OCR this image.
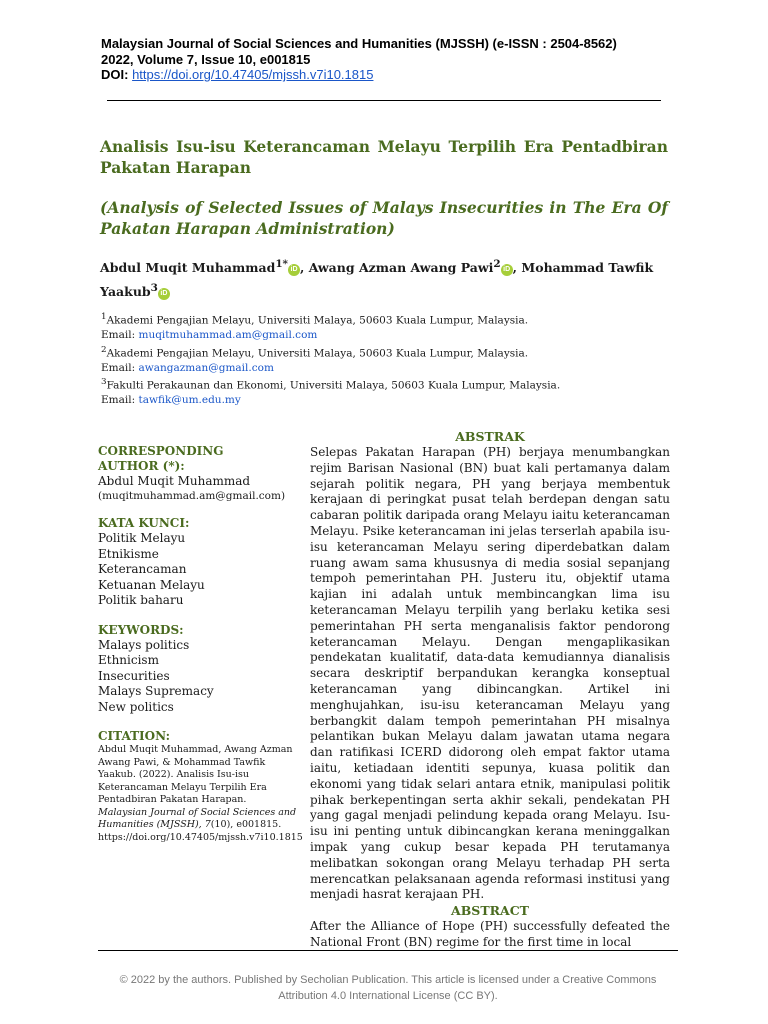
Malaysian Journal of Social Sciences and Humanities (MJSSH) (e-ISSN : 2504-8562)
2022, Volume 7, Issue 10, e001815
DOI: https://doi.org/10.47405/mjssh.v7i10.1815
Analisis Isu-isu Keterancaman Melayu Terpilih Era Pentadbiran Pakatan Harapan
(Analysis of Selected Issues of Malays Insecurities in The Era Of Pakatan Harapan Administration)
Abdul Muqit Muhammad$^{1*}$ iD , Awang Azman Awang Pawi$^2$ iD , Mohammad Tawfik Yaakub$^3$ iD
$^1$Akademi Pengajian Melayu, Universiti Malaya, 50603 Kuala Lumpur, Malaysia.
Email: muqitmuhammad.am@gmail.com
$^2$Akademi Pengajian Melayu, Universiti Malaya, 50603 Kuala Lumpur, Malaysia.
Email: awangazman@gmail.com
$^3$Fakulti Perakaunan dan Ekonomi, Universiti Malaya, 50603 Kuala Lumpur, Malaysia.
Email: tawfik@um.edu.my
CORRESPONDING AUTHOR (*):
Abdul Muqit Muhammad
(muqitmuhammad.am@gmail.com)
KATA KUNCI:
Politik Melayu
Etnikisme
Keterancaman
Ketuanan Melayu
Politik baharu
KEYWORDS:
Malays politics
Ethnicism
Insecurities
Malays Supremacy
New politics
CITATION:
Abdul Muqit Muhammad, Awang Azman Awang Pawi, & Mohammad Tawfik Yaakub. (2022). Analisis Isu-isu Keterancaman Melayu Terpilih Era Pentadbiran Pakatan Harapan. Malaysian Journal of Social Sciences and Humanities (MJSSH), 7(10), e001815. https://doi.org/10.47405/mjssh.v7i10.1815
ABSTRAK
Selepas Pakatan Harapan (PH) berjaya menumbangkan rejim Barisan Nasional (BN) buat kali pertamanya dalam sejarah politik negara, PH yang berjaya membentuk kerajaan di peringkat pusat telah berdepan dengan satu cabaran politik daripada orang Melayu iaitu keterancaman Melayu. Psike keterancaman ini jelas terserlah apabila isu-isu keterancaman Melayu sering diperdebatkan dalam ruang awam sama khususnya di media sosial sepanjang tempoh pemerintahan PH. Justeru itu, objektif utama kajian ini adalah untuk membincangkan lima isu keterancaman Melayu terpilih yang berlaku ketika sesi pemerintahan PH serta menganalisis faktor pendorong keterancaman Melayu. Dengan mengaplikasikan pendekatan kualitatif, data-data kemudiannya dianalisis secara deskriptif berpandukan kerangka konseptual keterancaman yang dibincangkan. Artikel ini menghujahkan, isu-isu keterancaman Melayu yang berbangkit dalam tempoh pemerintahan PH misalnya pelantikan bukan Melayu dalam jawatan utama negara dan ratifikasi ICERD didorong oleh empat faktor utama iaitu, ketiadaan identiti sepunya, kuasa politik dan ekonomi yang tidak selari antara etnik, manipulasi politik pihak berkepentingan serta akhir sekali, pendekatan PH yang gagal menjadi pelindung kepada orang Melayu. Isu-isu ini penting untuk dibincangkan kerana meninggalkan impak yang cukup besar kepada PH terutamanya melibatkan sokongan orang Melayu terhadap PH serta merencatkan pelaksanaan agenda reformasi institusi yang menjadi hasrat kerajaan PH.
ABSTRACT
After the Alliance of Hope (PH) successfully defeated the National Front (BN) regime for the first time in local
© 2022 by the authors. Published by Secholian Publication. This article is licensed under a Creative Commons Attribution 4.0 International License (CC BY).
